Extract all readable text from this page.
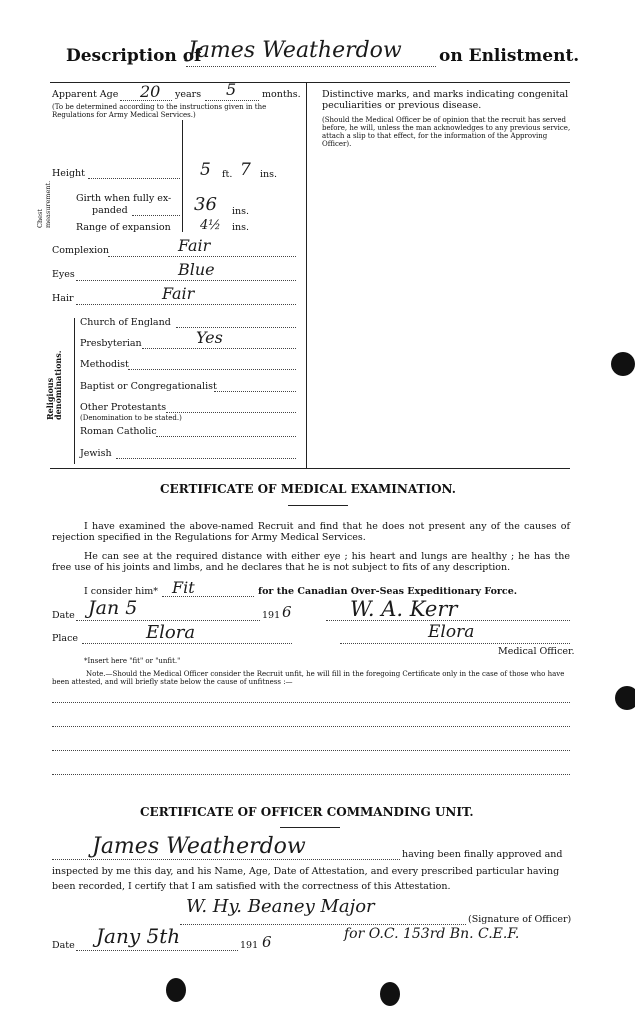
Description of
James Weatherdow on Enlistment.
Apparent Age 20 years 5	months.
(To be determined according to the instructions given in the Regulations for Army Medical Services.)
Height	5 ft. 7 ins.
Chest measurement.	Girth when fully ex-
panded	36 ins.
Range of expansion 4½ ins.
Complexion	Fair
Eyes	Blue
Hair	Fair
Religious denominations.
Church of England
Presbyterian	Yes
Methodist
Baptist or Congregationalist
Other Protestants
(Denomination to be stated.)
Roman Catholic
Jewish
Distinctive marks, and marks indicating congenital peculiarities or previous disease.
(Should the Medical Officer be of opinion that the recruit has served before, he will, unless the man acknowledges to any previous service, attach a slip to that effect, for the information of the Approving Officer).
CERTIFICATE OF MEDICAL EXAMINATION.
I have examined the above-named Recruit and find that he does not present any of the causes of rejection specified in the Regulations for Army Medical Services.
He can see at the required distance with either eye ; his heart and lungs are healthy ; he has the free use of his joints and limbs, and he declares that he is not subject to fits of any description.
I consider him* Fit	for the Canadian Over-Seas Expeditionary Force.
Date Jan 5	191 6	W. A. Kerr
Place	Elora	Elora
Medical Officer.
*Insert here "fit" or "unfit."
Note.—Should the Medical Officer consider the Recruit unfit, he will fill in the foregoing Certificate only in the case of those who have been attested, and will briefly state below the cause of unfitness :—
CERTIFICATE OF OFFICER COMMANDING UNIT.
James Weatherdow	having been finally approved and
inspected by me this day, and his Name, Age, Date of Attestation, and every prescribed particular having
been recorded, I certify that I am satisfied with the correctness of this Attestation.
W. Hy. Beaney Major
(Signature of Officer)
Date Jany 5th	191 6	for O.C. 153rd Bn. C.E.F.
